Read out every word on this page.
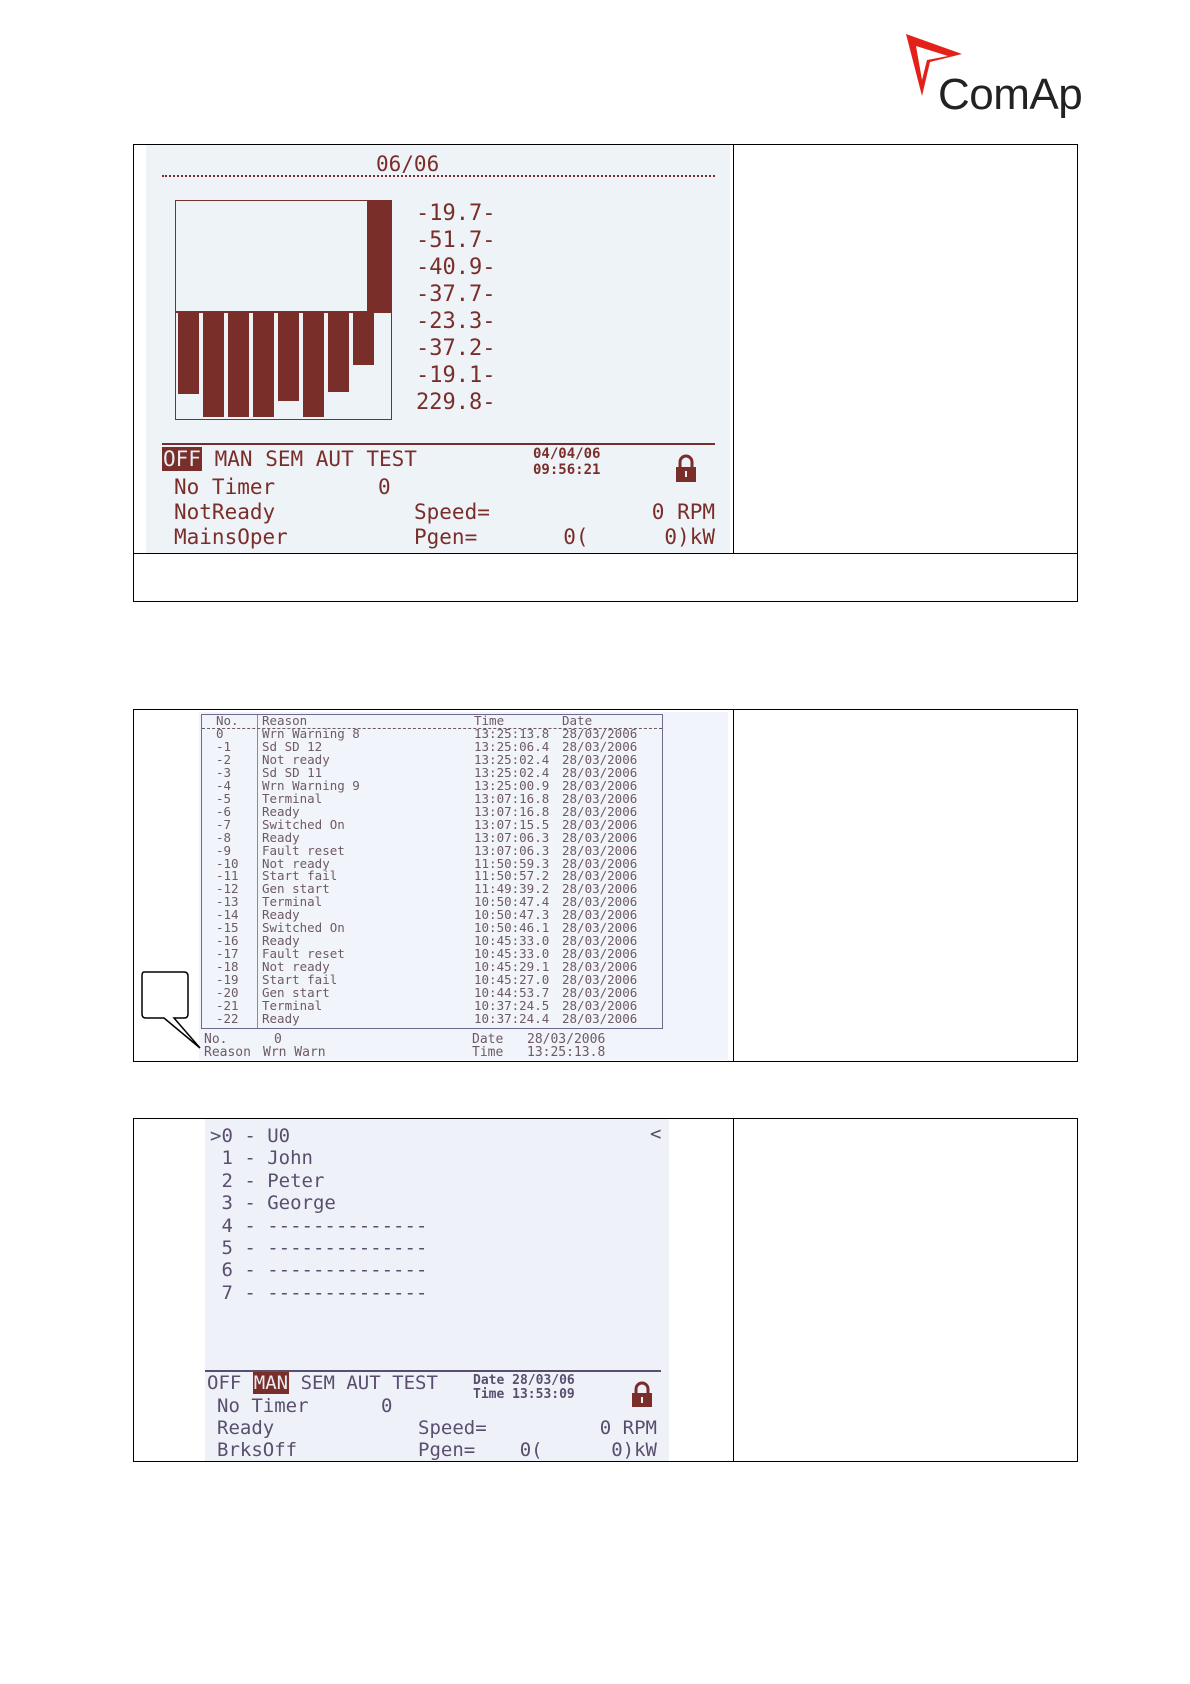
ComAp
06/06
-19.7-
-51.7-
-40.9-
-37.7-
-23.3-
-37.2-
-19.1-
229.8-
OFF MAN SEM AUT TEST	04/04/06
09:56:21
No Timer	0
NotReady
MainsOper
Speed=	0 RPM
Pgen=	0(      0)kW
No. Reason	Time	Date
0	Wrn Warning 8	13:25:13.8 28/03/2006
-1 Sd SD 12	13:25:06.4 28/03/2006
-2 Not ready	13:25:02.4 28/03/2006
-3 Sd SD 11	13:25:02.4 28/03/2006
-4 Wrn Warning 9	13:25:00.9 28/03/2006
-5 Terminal	13:07:16.8 28/03/2006
-6 Ready	13:07:16.8 28/03/2006
-7 Switched On	13:07:15.5 28/03/2006
-8 Ready	13:07:06.3 28/03/2006
-9 Fault reset	13:07:06.3 28/03/2006
-10 Not ready	11:50:59.3 28/03/2006
-11 Start fail	11:50:57.2 28/03/2006
-12 Gen start	11:49:39.2 28/03/2006
-13 Terminal	10:50:47.4 28/03/2006
-14 Ready	10:50:47.3 28/03/2006
-15 Switched On	10:50:46.1 28/03/2006
-16 Ready	10:45:33.0 28/03/2006
-17 Fault reset	10:45:33.0 28/03/2006
-18 Not ready	10:45:29.1 28/03/2006
-19 Start fail	10:45:27.0 28/03/2006
-20 Gen start	10:44:53.7 28/03/2006
-21 Terminal	10:37:24.5 28/03/2006
-22 Ready	10:37:24.4 28/03/2006
No.	0
Reason Wrn Warn
Date 28/03/2006
Time 13:25:13.8
>0 - U0
1 - John
2 - Peter
3 - George
4 - --------------
5 - --------------
6 - --------------
7 - --------------
<
OFF MAN SEM AUT TEST	Date 28/03/06
Time 13:53:09
No Timer	0
Ready
BrksOff
Speed=	0 RPM
Pgen= 0(      0)kW
